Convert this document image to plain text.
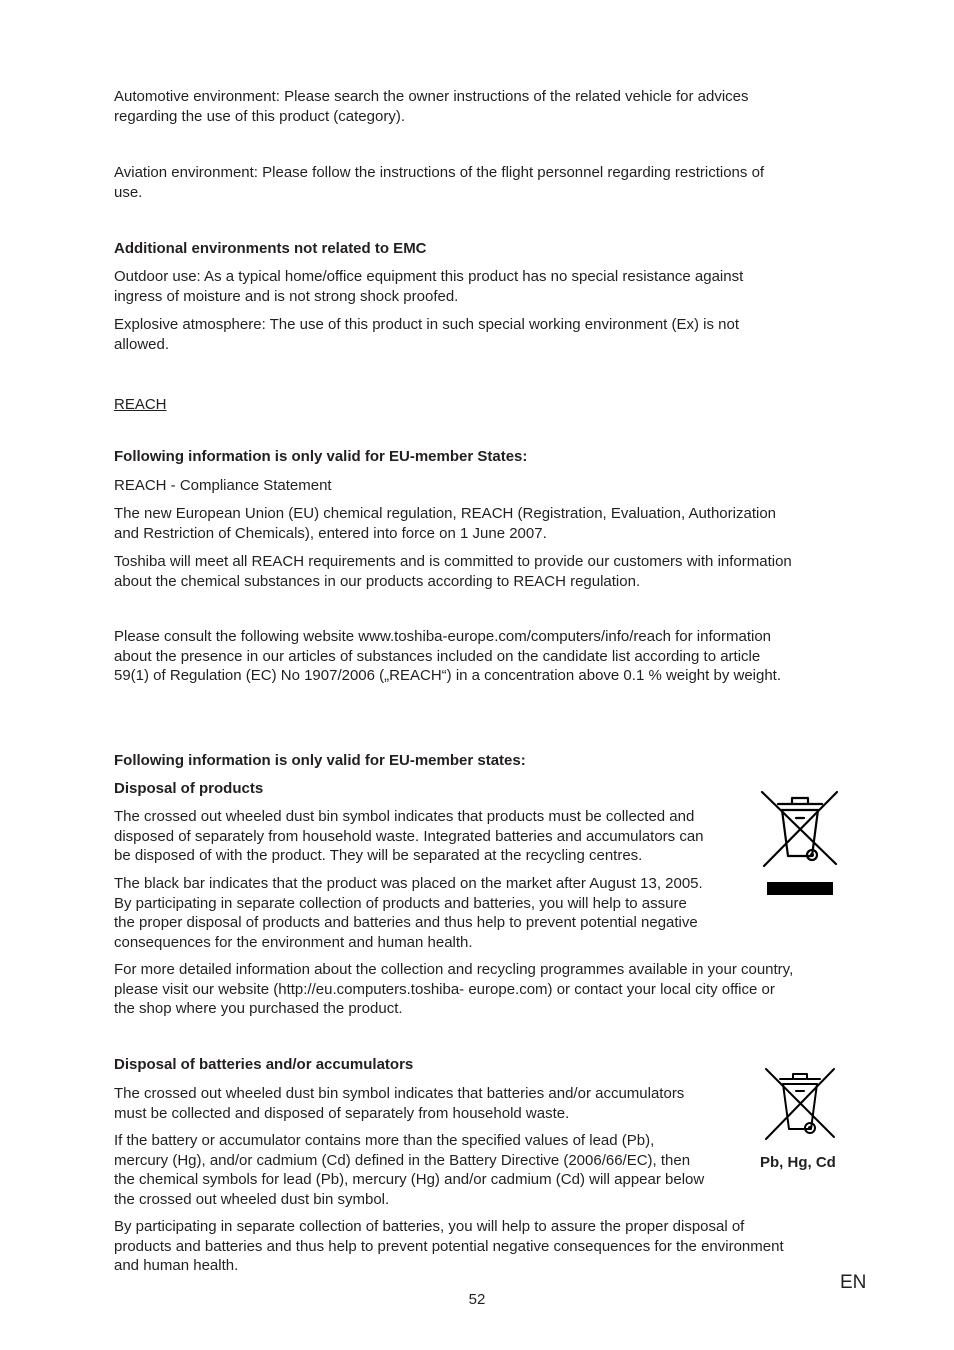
Automotive environment: Please search the owner instructions of the related vehicle for advices
regarding the use of this product (category).

Aviation environment: Please follow the instructions of the flight personnel regarding restrictions of
use.

Additional environments not related to EMC

Outdoor use: As a typical home/office equipment this product has no special resistance against
ingress of moisture and is not strong shock proofed.

Explosive atmosphere: The use of this product in such special working environment (Ex) is not
allowed.

REACH

Following information is only valid for EU-member States:

REACH - Compliance Statement

The new European Union (EU) chemical regulation, REACH (Registration, Evaluation, Authorization
and Restriction of Chemicals), entered into force on 1 June 2007.

Toshiba will meet all REACH requirements and is committed to provide our customers with information
about the chemical substances in our products according to REACH regulation.

Please consult the following website www.toshiba-europe.com/computers/info/reach for information
about the presence in our articles of substances included on the candidate list according to article
59(1) of Regulation (EC) No 1907/2006 („REACH“) in a concentration above 0.1 % weight by weight.

Following information is only valid for EU-member states:

Disposal of products

The crossed out wheeled dust bin symbol indicates that products must be collected and
disposed of separately from household waste. Integrated batteries and accumulators can
be disposed of with the product. They will be separated at the recycling centres.

The black bar indicates that the product was placed on the market after August 13, 2005.
By participating in separate collection of products and batteries, you will help to assure
the proper disposal of products and batteries and thus help to prevent potential negative
consequences for the environment and human health.

For more detailed information about the collection and recycling programmes available in your country,
please visit our website (http://eu.computers.toshiba- europe.com) or contact your local city office or
the shop where you purchased the product.

Disposal of batteries and/or accumulators

The crossed out wheeled dust bin symbol indicates that batteries and/or accumulators
must be collected and disposed of separately from household waste.

If the battery or accumulator contains more than the specified values of lead (Pb),
mercury (Hg), and/or cadmium (Cd) defined in the Battery Directive (2006/66/EC), then
the chemical symbols for lead (Pb), mercury (Hg) and/or cadmium (Cd) will appear below
the crossed out wheeled dust bin symbol.

By participating in separate collection of batteries, you will help to assure the proper disposal of
products and batteries and thus help to prevent potential negative consequences for the environment
and human health.

Pb, Hg, Cd
52
EN
